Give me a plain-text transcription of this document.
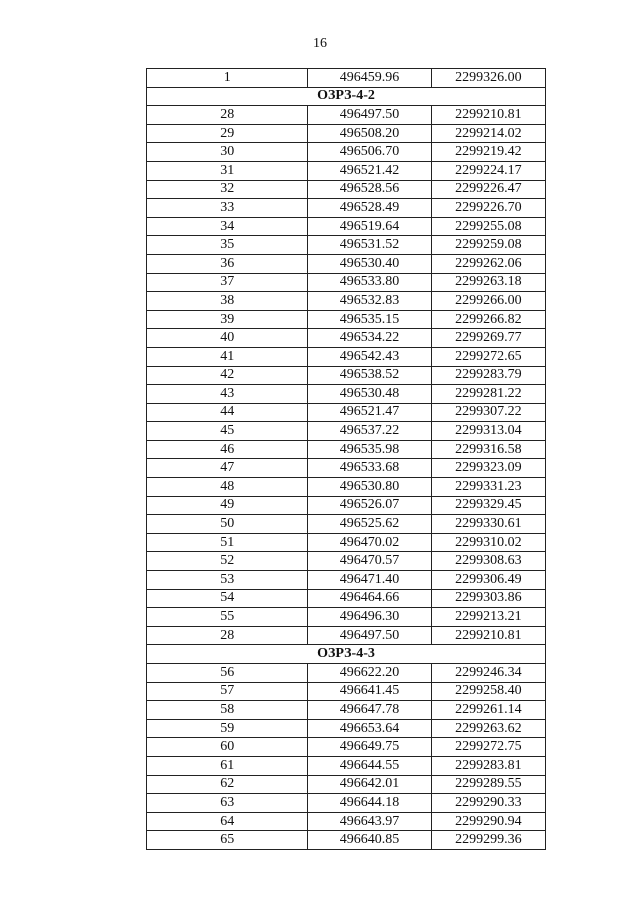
16
1	496459.96	2299326.00
ОЗРЗ-4-2		
28	496497.50	2299210.81
29	496508.20	2299214.02
30	496506.70	2299219.42
31	496521.42	2299224.17
32	496528.56	2299226.47
33	496528.49	2299226.70
34	496519.64	2299255.08
35	496531.52	2299259.08
36	496530.40	2299262.06
37	496533.80	2299263.18
38	496532.83	2299266.00
39	496535.15	2299266.82
40	496534.22	2299269.77
41	496542.43	2299272.65
42	496538.52	2299283.79
43	496530.48	2299281.22
44	496521.47	2299307.22
45	496537.22	2299313.04
46	496535.98	2299316.58
47	496533.68	2299323.09
48	496530.80	2299331.23
49	496526.07	2299329.45
50	496525.62	2299330.61
51	496470.02	2299310.02
52	496470.57	2299308.63
53	496471.40	2299306.49
54	496464.66	2299303.86
55	496496.30	2299213.21
28	496497.50	2299210.81
ОЗРЗ-4-3		
56	496622.20	2299246.34
57	496641.45	2299258.40
58	496647.78	2299261.14
59	496653.64	2299263.62
60	496649.75	2299272.75
61	496644.55	2299283.81
62	496642.01	2299289.55
63	496644.18	2299290.33
64	496643.97	2299290.94
65	496640.85	2299299.36
